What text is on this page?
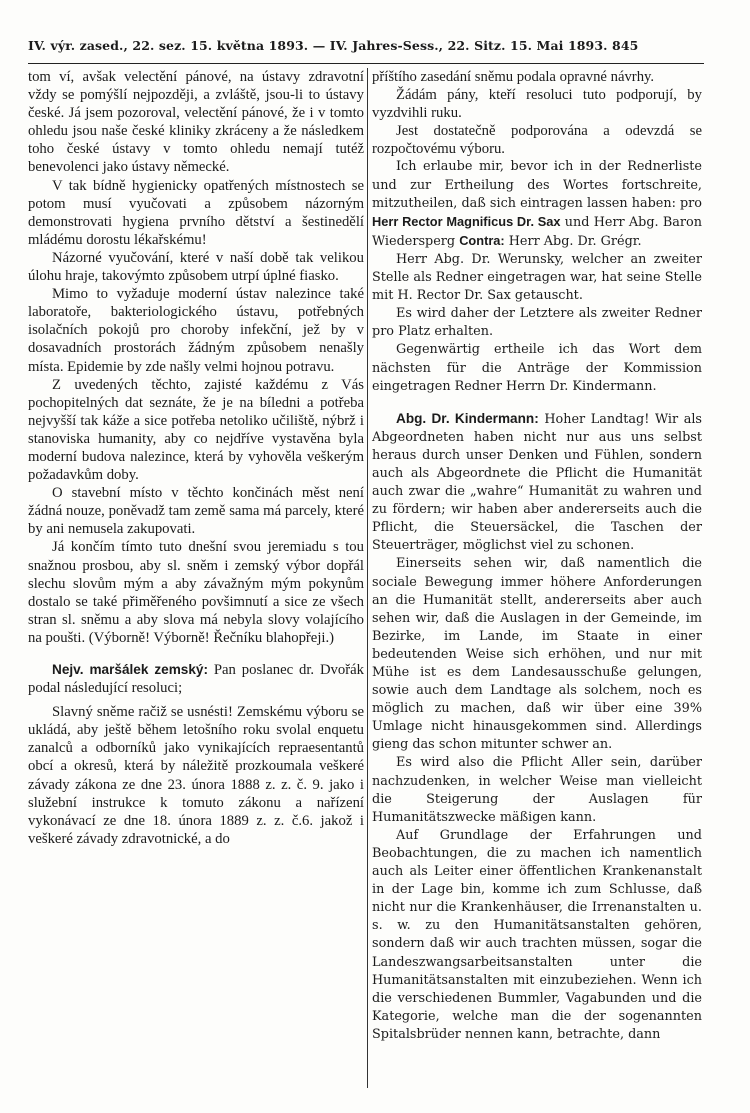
IV. výr. zased., 22. sez. 15. května 1893. — IV. Jahres-Sess., 22. Sitz. 15. Mai 1893. 845

tom ví, avšak velectění pánové, na ústavy zdravotní vždy se pomýšlí nejpozději, a zvláště, jsou-li to ústavy české. Já jsem pozoroval, velectění pánové, že i v tomto ohledu jsou naše české kliniky zkráceny a že následkem toho české ústavy v tomto ohledu nemají tutéž benevolenci jako ústavy německé.

V tak bídně hygienicky opatřených místnostech se potom musí vyučovati a způsobem názorným demonstrovati hygiena prvního dětství a šestinedělí mládému dorostu lékařskému!

Názorné vyučování, které v naší době tak velikou úlohu hraje, takovýmto způsobem utrpí úplné fiasko.

Mimo to vyžaduje moderní ústav nalezince také laboratoře, bakteriologického ústavu, potřebných isolačních pokojů pro choroby infekční, jež by v dosavadních prostorách žádným způsobem nenašly místa. Epidemie by zde našly velmi hojnou potravu.

Z uvedených těchto, zajisté každému z Vás pochopitelných dat seznáte, že je na bíledni a potřeba nejvyšší tak káže a sice potřeba netoliko učiliště, nýbrž i stanoviska humanity, aby co nejdříve vystavěna byla moderní budova nalezince, která by vyhověla veškerým požadavkům doby.

O stavební místo v těchto končinách měst není žádná nouze, poněvadž tam země sama má parcely, které by ani nemusela zakupovati.

Já končím tímto tuto dnešní svou jeremiadu s tou snažnou prosbou, aby sl. sněm i zemský výbor dopřál slechu slovům mým a aby závažným mým pokynům dostalo se také přiměřeného povšimnutí a sice ze všech stran sl. sněmu a aby slova má nebyla slovy volajícího na poušti. (Výborně! Výborně! Řečníku blahopřeji.)

Nejv. maršálek zemský: Pan poslanec dr. Dvořák podal následující resoluci;

Slavný sněme račiž se usnésti! Zemskému výboru se ukládá, aby ještě během letošního roku svolal enquetu zanalců a odborníků jako vynikajících repraesentantů obcí a okresů, která by náležitě prozkoumala veškeré závady zákona ze dne 23. února 1888 z. z. č. 9. jako i služební instrukce k tomuto zákonu a nařízení vykonávací ze dne 18. února 1889 z. z. č.6. jakož i veškeré závady zdravotnické, a do

příštího zasedání sněmu podala opravné návrhy.

Žádám pány, kteří resoluci tuto podporují, by vyzdvihli ruku.

Jest dostatečně podporována a odevzdá se rozpočtovému výboru.

Ich erlaube mir, bevor ich in der Rednerliste und zur Ertheilung des Wortes fortschreite, mitzutheilen, daß sich eintragen lassen haben: pro Herr Rector Magnificus Dr. Sax und Herr Abg. Baron Wiedersperg Contra: Herr Abg. Dr. Grégr.

Herr Abg. Dr. Werunsky, welcher an zweiter Stelle als Redner eingetragen war, hat seine Stelle mit H. Rector Dr. Sax getauscht.

Es wird daher der Letztere als zweiter Redner pro Platz erhalten.

Gegenwärtig ertheile ich das Wort dem nächsten für die Anträge der Kommission eingetragen Redner Herrn Dr. Kindermann.

Abg. Dr. Kindermann: Hoher Landtag! Wir als Abgeordneten haben nicht nur aus uns selbst heraus durch unser Denken und Fühlen, sondern auch als Abgeordnete die Pflicht die Humanität auch zwar die „wahre“ Humanität zu wahren und zu fördern; wir haben aber andererseits auch die Pflicht, die Steuersäckel, die Taschen der Steuerträger, möglichst viel zu schonen.

Einerseits sehen wir, daß namentlich die sociale Bewegung immer höhere Anforderungen an die Humanität stellt, andererseits aber auch sehen wir, daß die Auslagen in der Gemeinde, im Bezirke, im Lande, im Staate in einer bedeutenden Weise sich erhöhen, und nur mit Mühe ist es dem Landesausschuße gelungen, sowie auch dem Landtage als solchem, noch es möglich zu machen, daß wir über eine 39% Umlage nicht hinausgekommen sind. Allerdings gieng das schon mitunter schwer an.

Es wird also die Pflicht Aller sein, darüber nachzudenken, in welcher Weise man vielleicht die Steigerung der Auslagen für Humanitätszwecke mäßigen kann.

Auf Grundlage der Erfahrungen und Beobachtungen, die zu machen ich namentlich auch als Leiter einer öffentlichen Krankenanstalt in der Lage bin, komme ich zum Schlusse, daß nicht nur die Krankenhäuser, die Irrenanstalten u. s. w. zu den Humanitätsanstalten gehören, sondern daß wir auch trachten müssen, sogar die Landeszwangsarbeitsanstalten unter die Humanitätsanstalten mit einzubeziehen. Wenn ich die verschiedenen Bummler, Vagabunden und die Kategorie, welche man die der sogenannten Spitalsbrüder nennen kann, betrachte, dann
